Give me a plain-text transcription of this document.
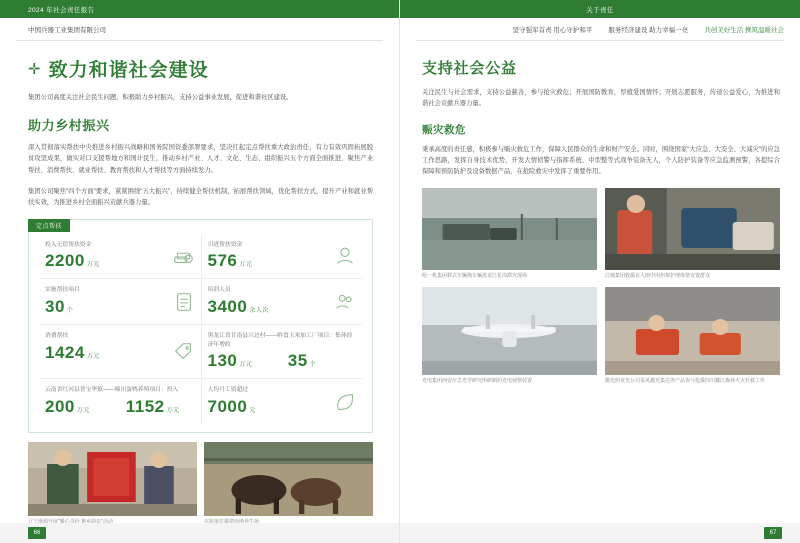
2024 年社会责任报告
中国兵器工业集团有限公司
✛ 致力和谐社会建设
集团公司高度关注社会民生问题，积极助力乡村振兴，支持公益事业发展，促进和谐社区建设。
助力乡村振兴
深入贯彻落实帮扶中央推进乡村振兴战略和国务院国资委部署要求，坚决扛起定点帮扶重大政治责任，有力有效巩固拓展脱贫攻坚成果，做实对口支援帮地方和国计民生，推动乡村产业、人才、文化、生态、组织振兴五个方面全面推进，聚焦产业帮扶、消费帮扶、就业帮扶、教育帮扶和人才帮扶等方面持续发力。
集团公司聚焦"四个方面"要求，紧紧围绕"五大振兴"，持续健全帮扶机制，拓展帮扶领域，优化帮扶方式，提升产业和就业帮扶实效，为推进乡村全面振兴贡献兵器力量。
定点帮扶
投入无偿帮扶资金
2200 万元
引进帮扶资金
576 万元
实施帮扶项目
30 个
培训人员
3400 余人次
消费帮扶
1424 万元
黑龙江省甘南县兴边村——鲜食玉米加工厂项目：集体经济年增收
130 万元 35 个
云南省红河县普宝华镇——棉田蛋鸭养殖项目：投入
200 万元 1152 万元
人均月工资超过
7000 元
66
关于责任
坚守强军首责 用心守护和平 服务经济建设 助力幸福一亮 共创美好生活 携筑温暖社会
支持社会公益
关注民生与社会需求，支持公益慈善，参与抢灾救危；开展国防教育，厚植爱国情怀；开展志愿服务，传递公益爱心，为推进和谐社会贡献兵器力量。
赈灾救危
秉承高度的责任感，积极参与赈灾救危工作，保障人民群众的生命和财产安全。同时，围绕国家"大应急、大安全、大减灾"的应急工作思路，发挥自身技术优势，开发大情侦警与指挥系统、中型整等式战争装备无人，个人防护装备等应急监测预警，各提综合保障和预防防护及设备数据产品，在抢险救灾中发挥了重要作用。
哈一机集团移式车辆拖车辆黑龙江花沟滞灾现场	江城集团救援在大雨中用担架护理体帮安置群众
光电集团西安应急光学研究所研制的光电侦察装置	激光照查光公司采风激光集达等产品参与抢援四川耀江森林火灾扑救工作
67
